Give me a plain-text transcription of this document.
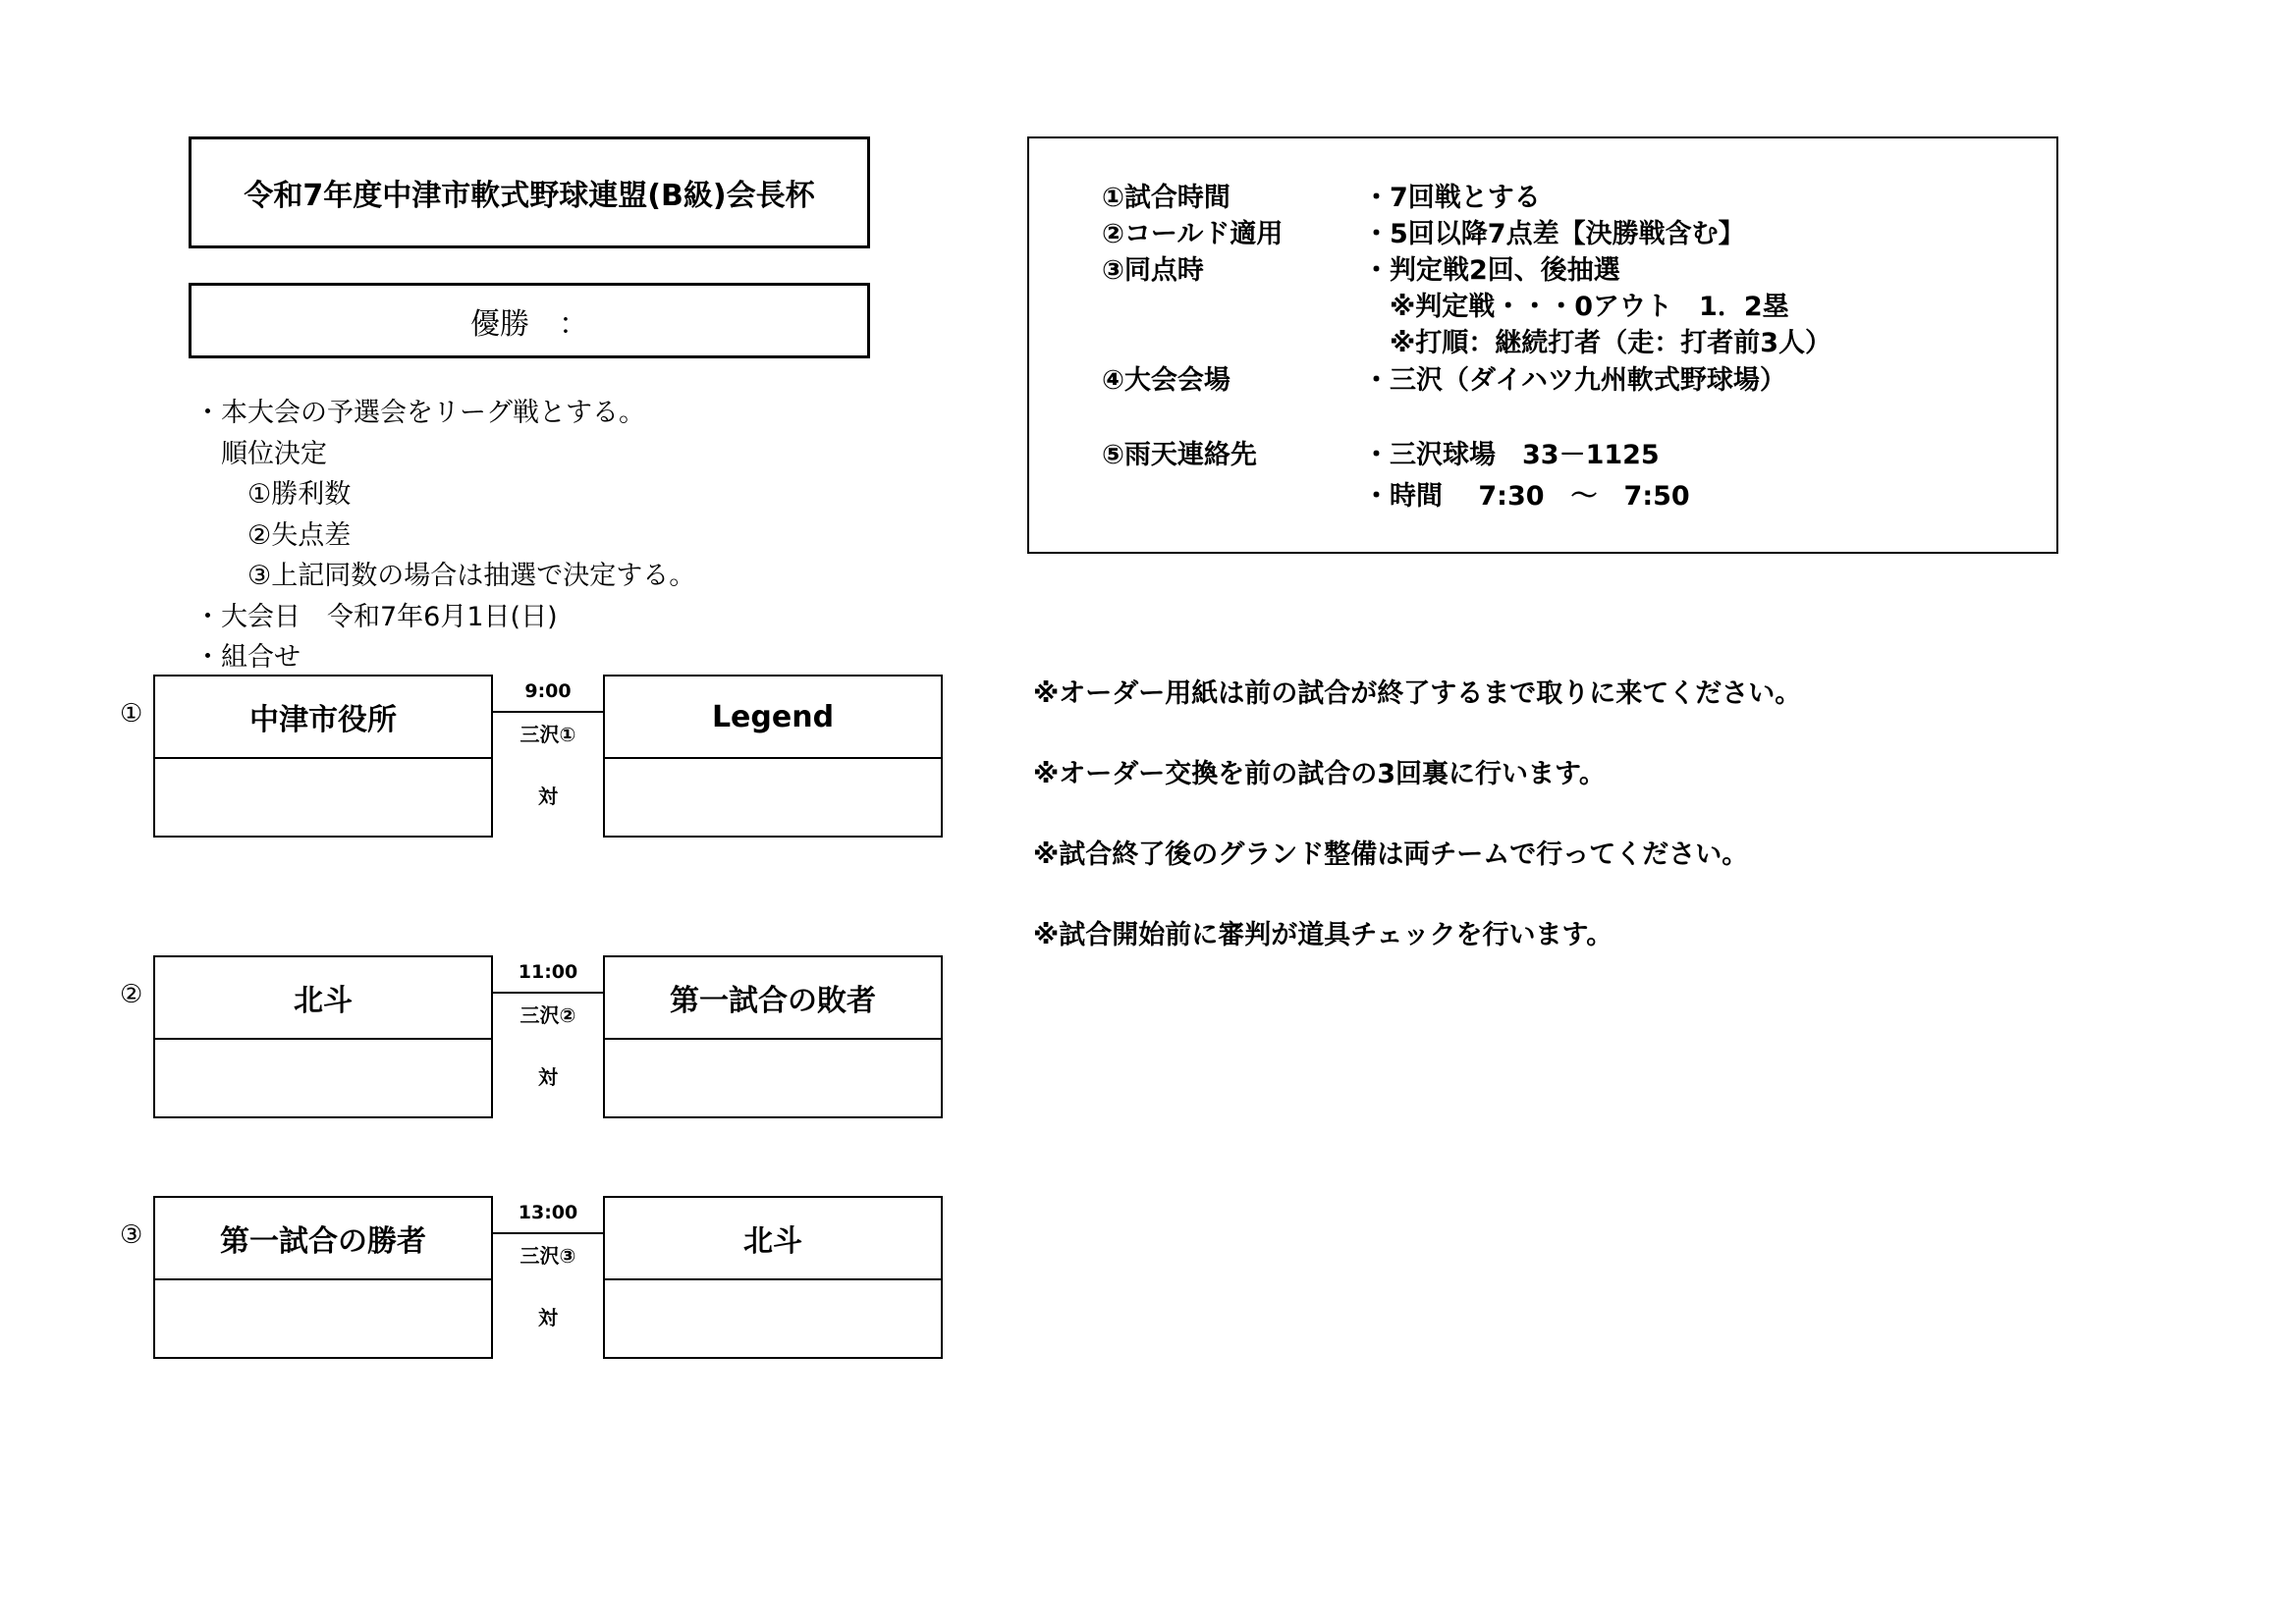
令和7年度中津市軟式野球連盟(B級)会長杯
優勝　：
・本大会の予選会をリーグ戦とする。
　順位決定
　　①勝利数
　　②失点差
　　③上記同数の場合は抽選で決定する。
・大会日　令和7年6月1日(日)
・組合せ
①試合時間	・7回戦とする
②コールド適用	・5回以降7点差【決勝戦含む】
③同点時	・判定戦2回、後抽選
　※判定戦・・・0アウト　1．2塁
　※打順：継続打者（走：打者前3人）
④大会会場	・三沢（ダイハツ九州軟式野球場）
⑤雨天連絡先	・三沢球場　33－1125
・時間　 7:30　～　7:50
※オーダー用紙は前の試合が終了するまで取りに来てください。
※オーダー交換を前の試合の3回裏に行います。
※試合終了後のグランド整備は両チームで行ってください。
※試合開始前に審判が道具チェックを行います。
①	中津市役所
9:00
三沢①
対
Legend
②	北斗
11:00
三沢②
対
第一試合の敗者
③	第一試合の勝者
13:00
三沢③
対
北斗
